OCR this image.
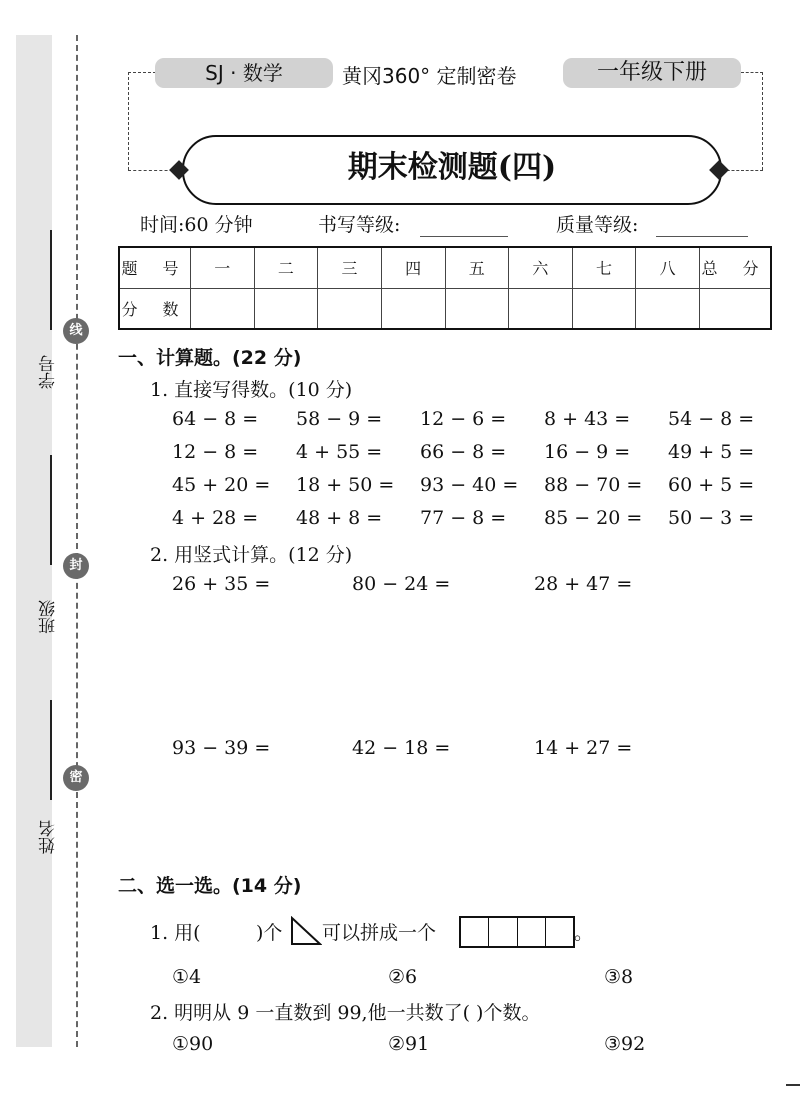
学号
班级
姓名
线
封
密
SJ · 数学	黄冈360° 定制密卷	一年级下册
期末检测题(四)
时间:60 分钟	书写等级:	质量等级:
题 号	一	二	三	四	五	六	七	八	总 分
分 数									
一、计算题。(22 分)
1. 直接写得数。(10 分)
64 − 8 = 58 − 9 = 12 − 6 = 8 + 43 = 54 − 8 =
12 − 8 = 4 + 55 = 66 − 8 = 16 − 9 = 49 + 5 =
45 + 20 = 18 + 50 = 93 − 40 = 88 − 70 = 60 + 5 =
4 + 28 = 48 + 8 = 77 − 8 = 85 − 20 = 50 − 3 =
2. 用竖式计算。(12 分)
26 + 35 =	80 − 24 =	28 + 47 =
93 − 39 =	42 − 18 =	14 + 27 =
二、选一选。(14 分)
1. 用(	)个 可以拼成一个	。
①4	②6	③8
2. 明明从 9 一直数到 99,他一共数了( )个数。
①90	②91	③92
